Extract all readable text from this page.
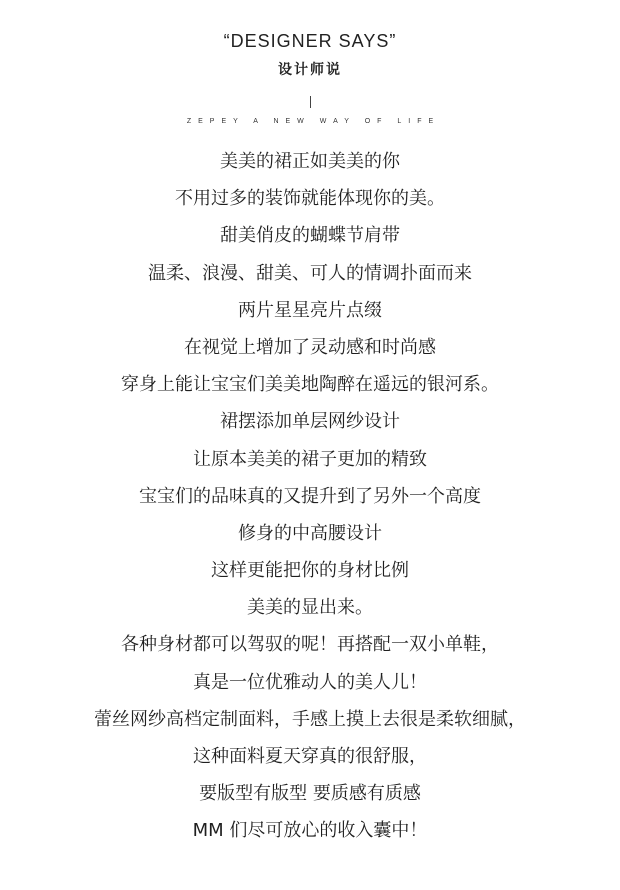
“DESIGNER SAYS”
设计师说
ZEPEY A NEW WAY OF LIFE
美美的裙正如美美的你
不用过多的装饰就能体现你的美。
甜美俏皮的蝴蝶节肩带
温柔、浪漫、甜美、可人的情调扑面而来
两片星星亮片点缀
在视觉上增加了灵动感和时尚感
穿身上能让宝宝们美美地陶醉在遥远的银河系。
裙摆添加单层网纱设计
让原本美美的裙子更加的精致
宝宝们的品味真的又提升到了另外一个高度
修身的中高腰设计
这样更能把你的身材比例
美美的显出来。
各种身材都可以驾驭的呢！再搭配一双小单鞋，
真是一位优雅动人的美人儿！
蕾丝网纱高档定制面料，手感上摸上去很是柔软细腻，
这种面料夏天穿真的很舒服，
要版型有版型 要质感有质感
MM 们尽可放心的收入囊中！
